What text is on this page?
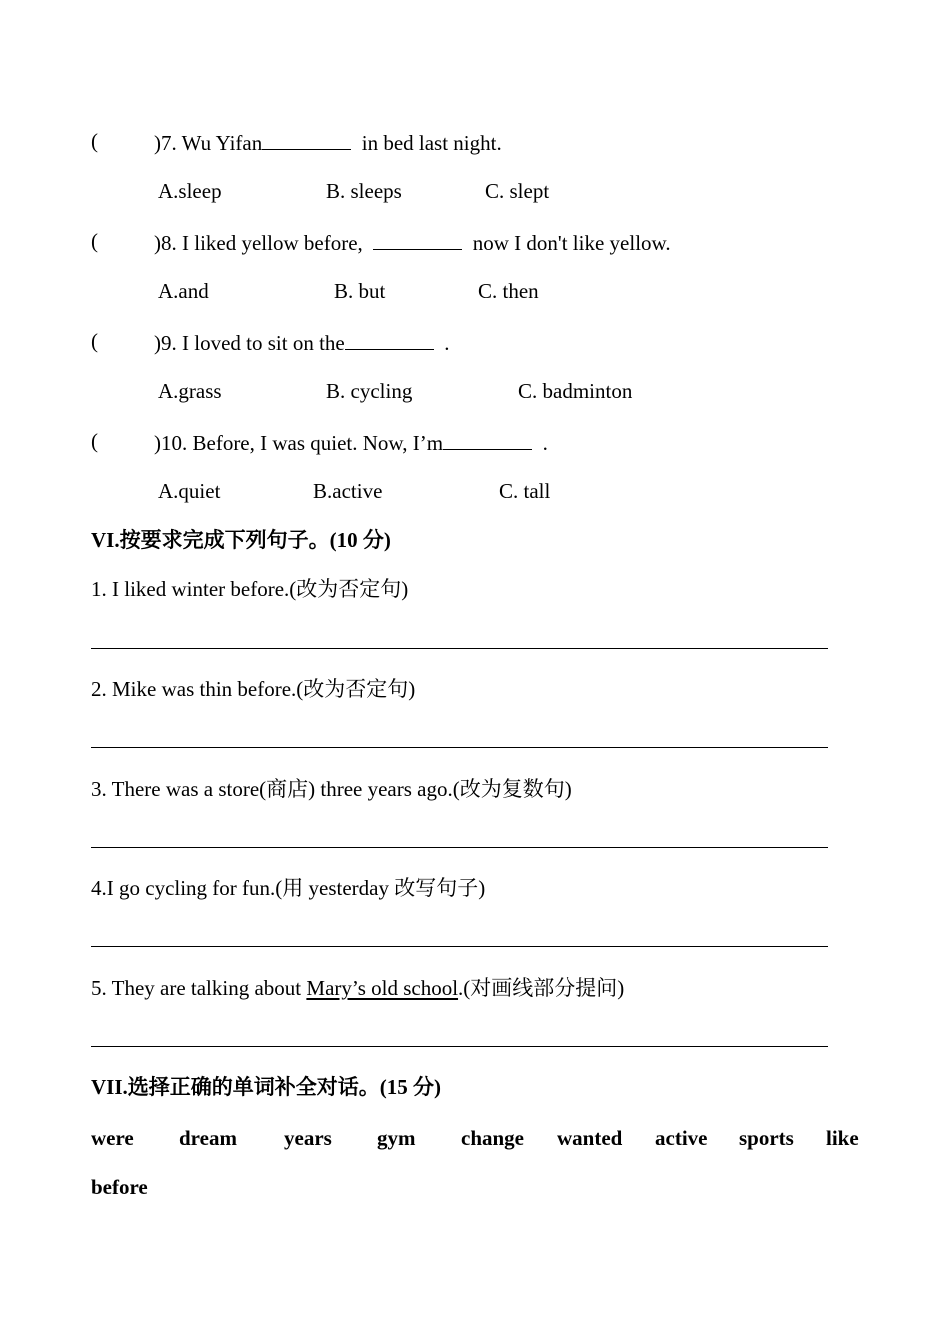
(	)7. Wu Yifan	in bed last night.
A.sleep	B. sleeps	C. slept
(	)8. I liked yellow before,	now I don't like yellow.
A.and	B. but	C. then
(	)9. I loved to sit on the	.
A.grass	B. cycling	C. badminton
(	)10. Before, I was quiet. Now, I’m	.
A.quiet	B.active	C. tall
VI.按要求完成下列句子。(10 分)
1. I liked winter before.(改为否定句)
2. Mike was thin before.(改为否定句)
3. There was a store(商店) three years ago.(改为复数句)
4.I go cycling for fun.(用 yesterday 改写句子)
5. They are talking about Mary’s old school.(对画线部分提问)
VII.选择正确的单词补全对话。(15 分)
were dream years gym change wanted active sports like
before
